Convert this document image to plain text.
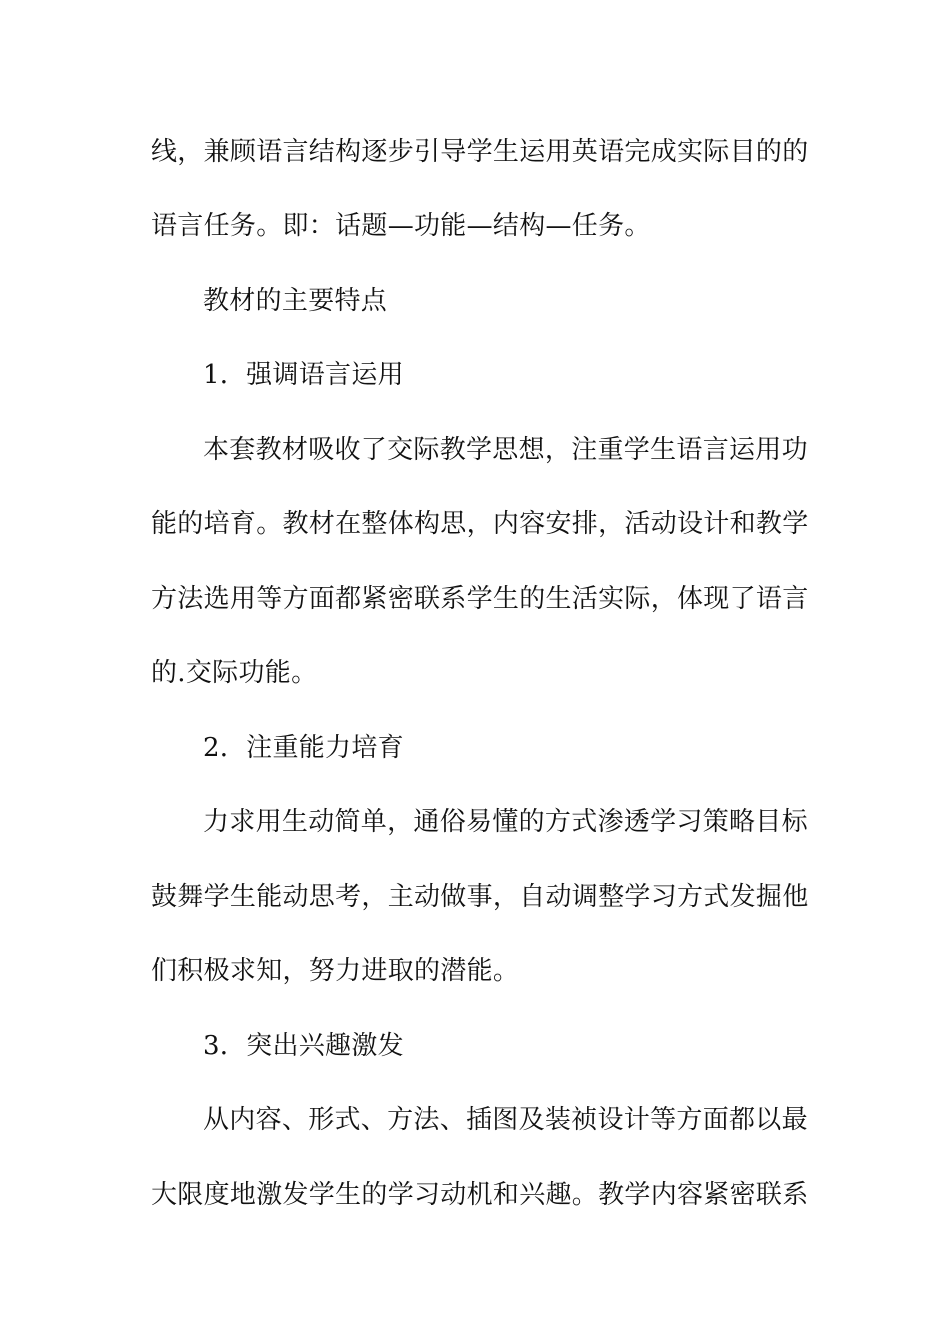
线，兼顾语言结构逐步引导学生运用英语完成实际目的的
语言任务。即：话题—功能—结构—任务。
教材的主要特点
1．强调语言运用
本套教材吸收了交际教学思想，注重学生语言运用功
能的培育。教材在整体构思，内容安排，活动设计和教学
方法选用等方面都紧密联系学生的生活实际，体现了语言
的.交际功能。
2．注重能力培育
力求用生动简单，通俗易懂的方式渗透学习策略目标
鼓舞学生能动思考，主动做事，自动调整学习方式发掘他
们积极求知，努力进取的潜能。
3．突出兴趣激发
从内容、形式、方法、插图及装祯设计等方面都以最
大限度地激发学生的学习动机和兴趣。教学内容紧密联系
